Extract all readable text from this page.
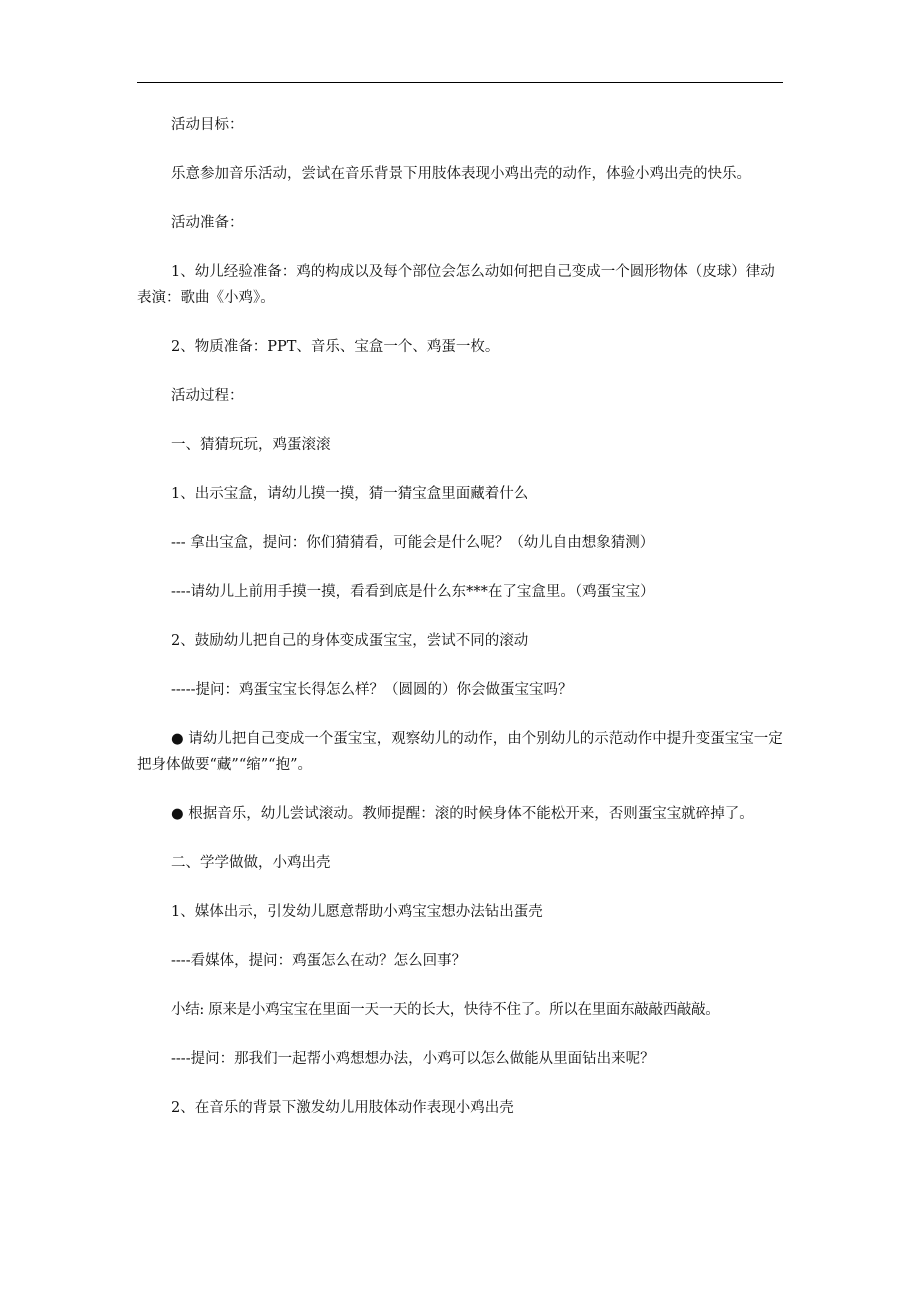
活动目标：

乐意参加音乐活动，尝试在音乐背景下用肢体表现小鸡出壳的动作，体验小鸡出壳的快乐。

活动准备：

1、幼儿经验准备：鸡的构成以及每个部位会怎么动如何把自己变成一个圆形物体（皮球）律动表演：歌曲《小鸡》。

2、物质准备：PPT、音乐、宝盒一个、鸡蛋一枚。

活动过程：

一、猜猜玩玩，鸡蛋滚滚

1、出示宝盒，请幼儿摸一摸，猜一猜宝盒里面藏着什么

--- 拿出宝盒，提问：你们猜猜看，可能会是什么呢？（幼儿自由想象猜测）

----请幼儿上前用手摸一摸，看看到底是什么东***在了宝盒里。（鸡蛋宝宝）

2、鼓励幼儿把自己的身体变成蛋宝宝，尝试不同的滚动

-----提问：鸡蛋宝宝长得怎么样？（圆圆的）你会做蛋宝宝吗？

● 请幼儿把自己变成一个蛋宝宝，观察幼儿的动作，由个别幼儿的示范动作中提升变蛋宝宝一定把身体做要“藏”“缩”“抱”。

● 根据音乐，幼儿尝试滚动。教师提醒：滚的时候身体不能松开来，否则蛋宝宝就碎掉了。

二、学学做做，小鸡出壳

1、媒体出示，引发幼儿愿意帮助小鸡宝宝想办法钻出蛋壳

----看媒体，提问：鸡蛋怎么在动？怎么回事？

小结: 原来是小鸡宝宝在里面一天一天的长大，快待不住了。所以在里面东敲敲西敲敲。

----提问：那我们一起帮小鸡想想办法，小鸡可以怎么做能从里面钻出来呢？

2、在音乐的背景下激发幼儿用肢体动作表现小鸡出壳
